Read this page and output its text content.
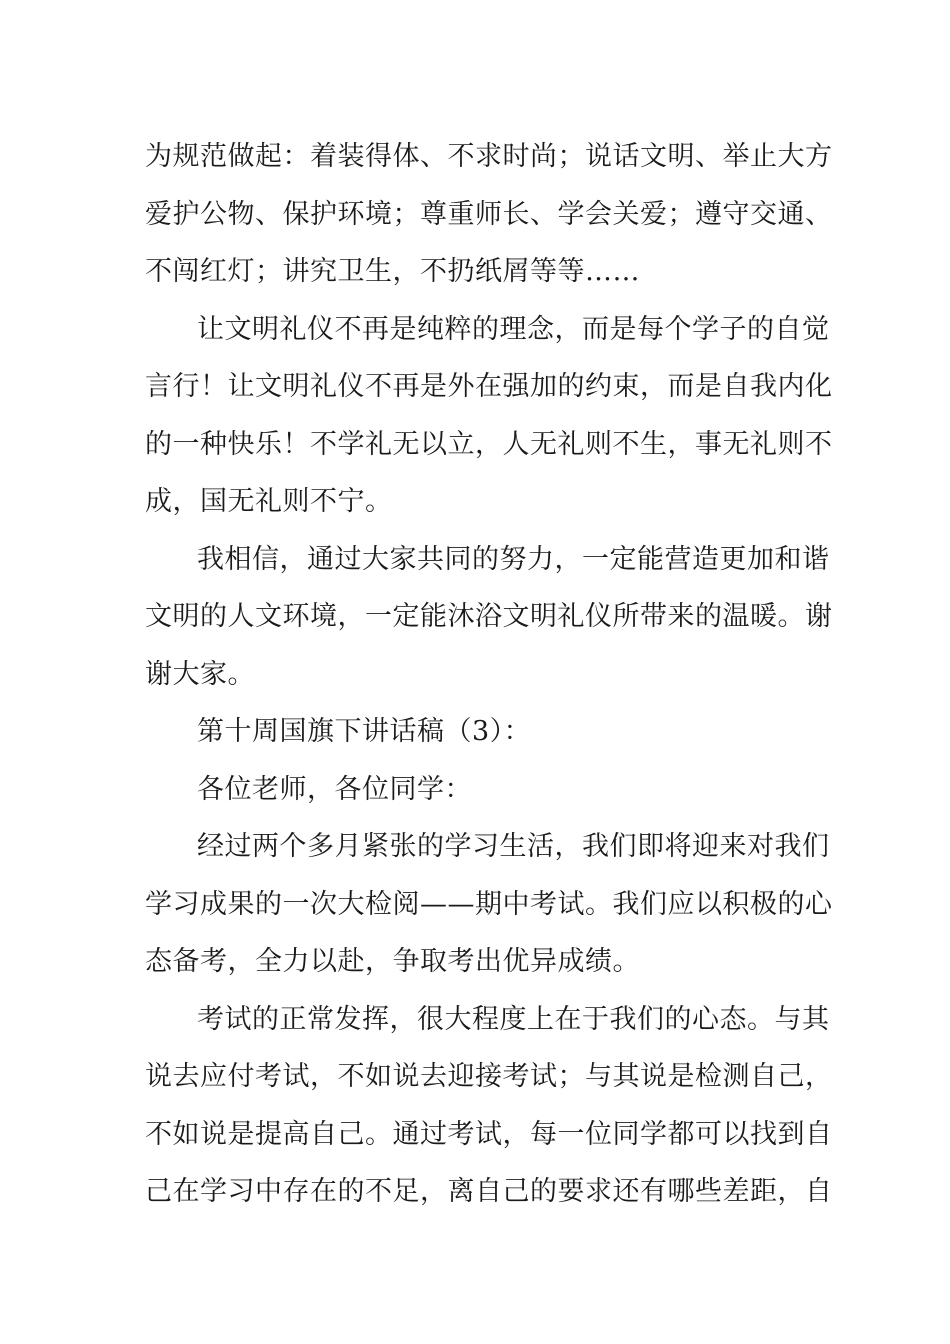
为规范做起：着装得体、不求时尚；说话文明、举止大方
爱护公物、保护环境；尊重师长、学会关爱；遵守交通、
不闯红灯；讲究卫生，不扔纸屑等等……
让文明礼仪不再是纯粹的理念，而是每个学子的自觉
言行！让文明礼仪不再是外在强加的约束，而是自我内化
的一种快乐！不学礼无以立，人无礼则不生，事无礼则不
成，国无礼则不宁。
我相信，通过大家共同的努力，一定能营造更加和谐
文明的人文环境，一定能沐浴文明礼仪所带来的温暖。谢
谢大家。
第十周国旗下讲话稿（3）：
各位老师，各位同学：
经过两个多月紧张的学习生活，我们即将迎来对我们
学习成果的一次大检阅——期中考试。我们应以积极的心
态备考，全力以赴，争取考出优异成绩。
考试的正常发挥，很大程度上在于我们的心态。与其
说去应付考试，不如说去迎接考试；与其说是检测自己，
不如说是提高自己。通过考试，每一位同学都可以找到自
己在学习中存在的不足，离自己的要求还有哪些差距，自
